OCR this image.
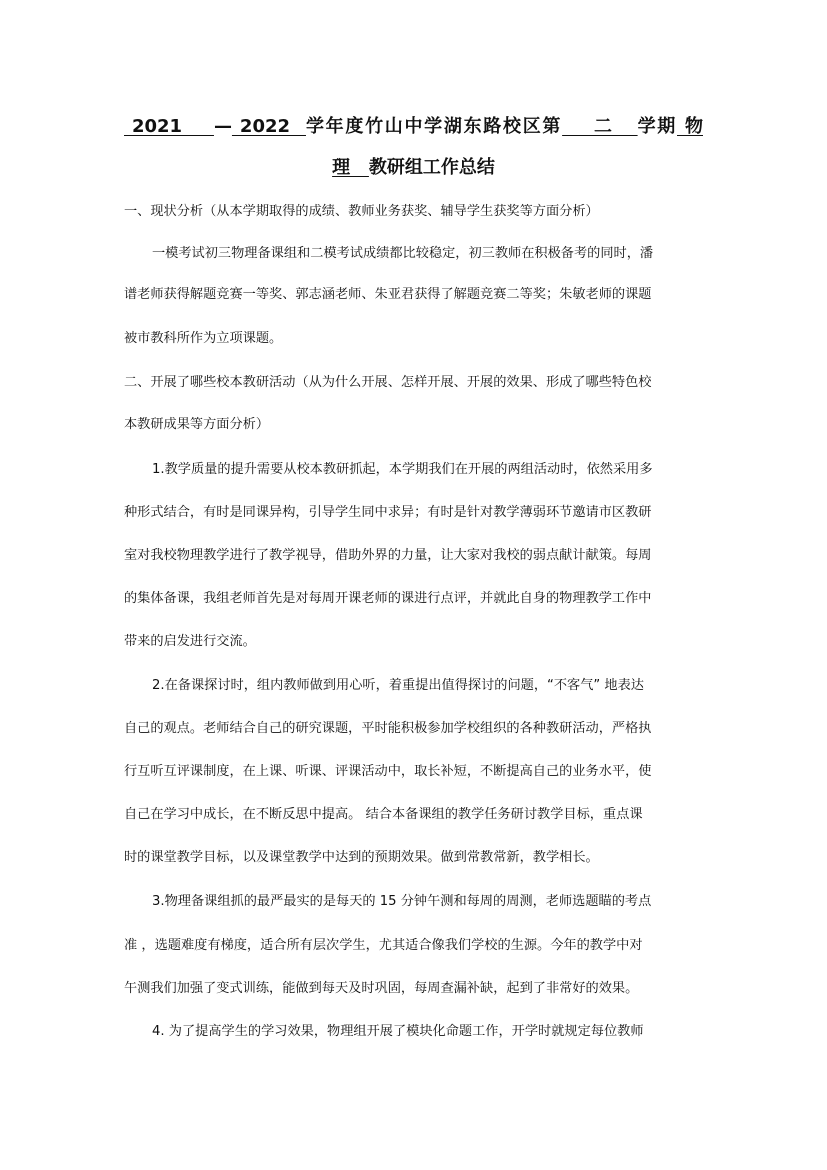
2021    — 2022  学年度竹山中学湖东路校区第    二   学期 物
理   教研组工作总结
一、现状分析（从本学期取得的成绩、教师业务获奖、辅导学生获奖等方面分析）
一模考试初三物理备课组和二模考试成绩都比较稳定，初三教师在积极备考的同时，潘
谱老师获得解题竞赛一等奖、郭志涵老师、朱亚君获得了解题竞赛二等奖；朱敏老师的课题
被市教科所作为立项课题。
二、开展了哪些校本教研活动（从为什么开展、怎样开展、开展的效果、形成了哪些特色校
本教研成果等方面分析）
1.教学质量的提升需要从校本教研抓起，本学期我们在开展的两组活动时，依然采用多
种形式结合，有时是同课异构，引导学生同中求异；有时是针对教学薄弱环节邀请市区教研
室对我校物理教学进行了教学视导，借助外界的力量，让大家对我校的弱点献计献策。每周
的集体备课，我组老师首先是对每周开课老师的课进行点评，并就此自身的物理教学工作中
带来的启发进行交流。
2.在备课探讨时，组内教师做到用心听，着重提出值得探讨的问题，“不客气” 地表达
自己的观点。老师结合自己的研究课题，平时能积极参加学校组织的各种教研活动，严格执
行互听互评课制度，在上课、听课、评课活动中，取长补短，不断提高自己的业务水平，使
自己在学习中成长，在不断反思中提高。 结合本备课组的教学任务研讨教学目标，重点课
时的课堂教学目标，以及课堂教学中达到的预期效果。做到常教常新，教学相长。
3.物理备课组抓的最严最实的是每天的 15 分钟午测和每周的周测，老师选题瞄的考点
准 ，选题难度有梯度，适合所有层次学生，尤其适合像我们学校的生源。今年的教学中对
午测我们加强了变式训练，能做到每天及时巩固，每周查漏补缺，起到了非常好的效果。
4. 为了提高学生的学习效果，物理组开展了模块化命题工作，开学时就规定每位教师
